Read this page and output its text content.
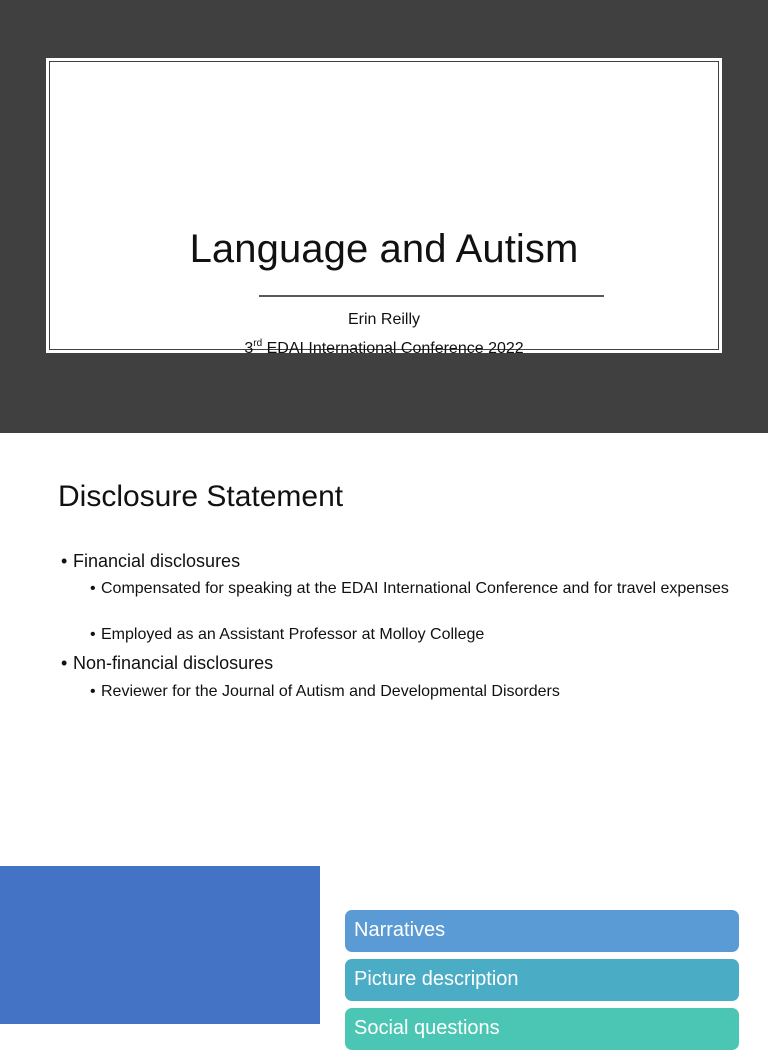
Language and Autism
Erin Reilly
3rd EDAI International Conference 2022
Disclosure Statement
• Financial disclosures
• Compensated for speaking at the EDAI International Conference and for travel expenses
• Employed as an Assistant Professor at Molloy College
• Non-financial disclosures
• Reviewer for the Journal of Autism and Developmental Disorders
Narratives
Picture description
Social questions
